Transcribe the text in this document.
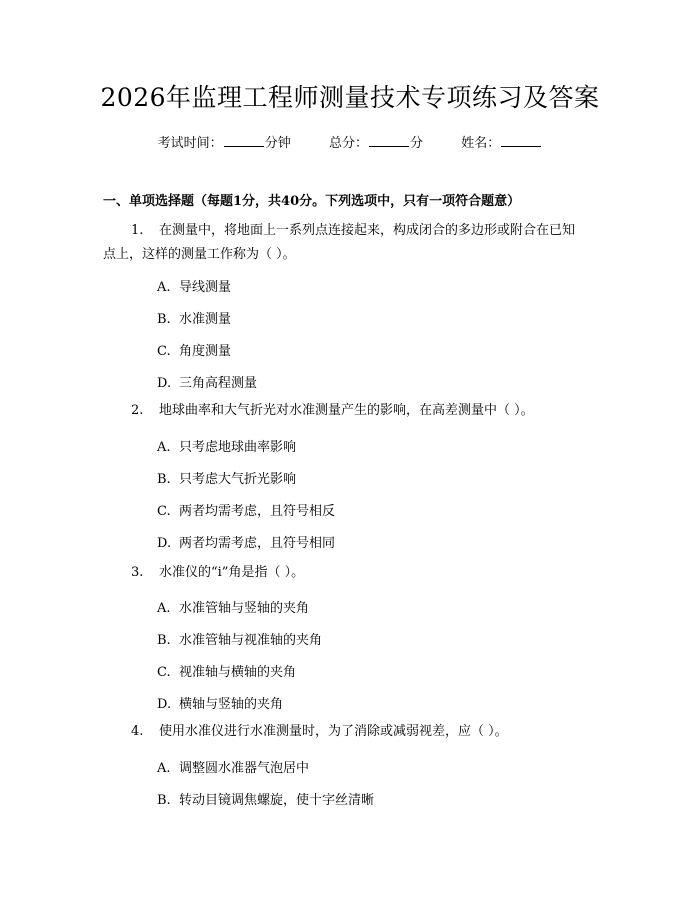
2026年监理工程师测量技术专项练习及答案
考试时间：	分钟	总分：	分	姓名：
一、单项选择题（每题1分，共40分。下列选项中，只有一项符合题意）
1. 在测量中，将地面上一系列点连接起来，构成闭合的多边形或附合在已知
点上，这样的测量工作称为（ ）。
A. 导线测量
B. 水准测量
C. 角度测量
D. 三角高程测量
2. 地球曲率和大气折光对水准测量产生的影响，在高差测量中（ ）。
A. 只考虑地球曲率影响
B. 只考虑大气折光影响
C. 两者均需考虑，且符号相反
D. 两者均需考虑，且符号相同
3. 水准仪的“i”角是指（ ）。
A. 水准管轴与竖轴的夹角
B. 水准管轴与视准轴的夹角
C. 视准轴与横轴的夹角
D. 横轴与竖轴的夹角
4. 使用水准仪进行水准测量时，为了消除或减弱视差，应（ ）。
A. 调整圆水准器气泡居中
B. 转动目镜调焦螺旋，使十字丝清晰
